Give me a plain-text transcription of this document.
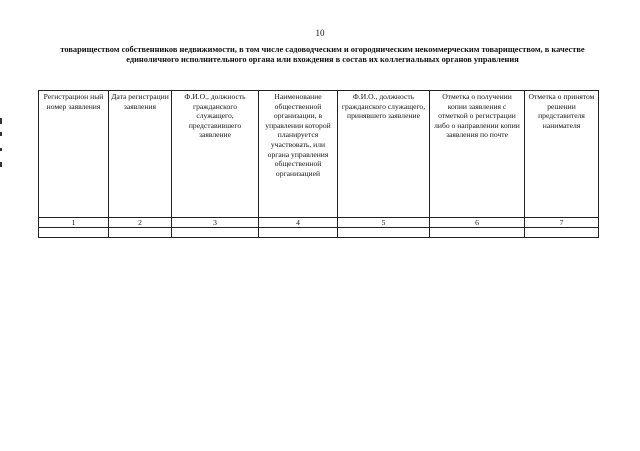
10
товариществом собственников недвижимости, в том числе садоводческим и огородническим некоммерческим товариществом, в качестве единоличного исполнительного органа или вхождения в состав их коллегиальных органов управления
Регистрацион ный номер заявления	Дата регистрации заявления	Ф.И.О., должность гражданского служащего, представившего заявление	Наименование общественной организации, в управлении которой планируется участвовать, или органа управления общественной организацией	Ф.И.О., должность гражданского служащего, принявшего заявление	Отметка о получении копии заявления с отметкой о регистрации либо о направлении копии заявления по почте	Отметка о принятом решении представителя нанимателя
1	2	3	4	5	6	7
